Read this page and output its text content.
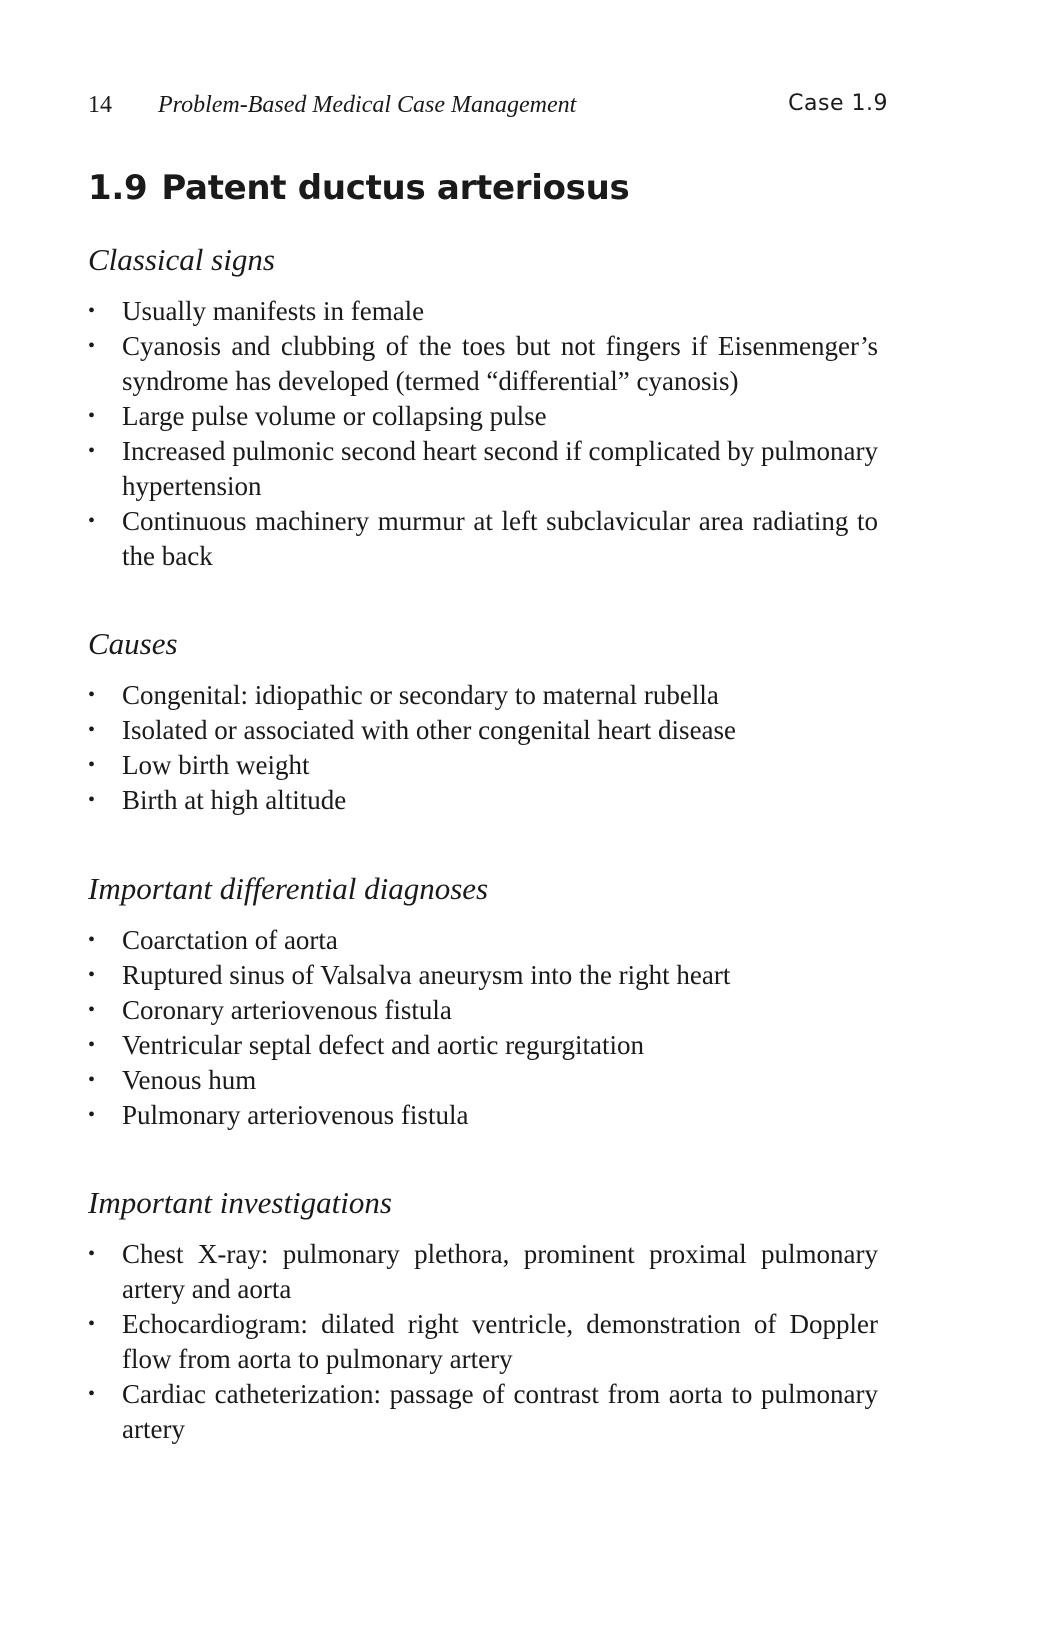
14 Problem-Based Medical Case Management	Case 1.9
1.9 Patent ductus arteriosus
Classical signs
• Usually manifests in female
• Cyanosis and clubbing of the toes but not fingers if Eisenmenger’s syndrome has developed (termed “differential” cyanosis)
• Large pulse volume or collapsing pulse
• Increased pulmonic second heart second if complicated by pulmonary hypertension
• Continuous machinery murmur at left subclavicular area radiating to the back
Causes
• Congenital: idiopathic or secondary to maternal rubella
• Isolated or associated with other congenital heart disease
• Low birth weight
• Birth at high altitude
Important differential diagnoses
• Coarctation of aorta
• Ruptured sinus of Valsalva aneurysm into the right heart
• Coronary arteriovenous fistula
• Ventricular septal defect and aortic regurgitation
• Venous hum
• Pulmonary arteriovenous fistula
Important investigations
• Chest X-ray: pulmonary plethora, prominent proximal pulmonary artery and aorta
• Echocardiogram: dilated right ventricle, demonstration of Doppler flow from aorta to pulmonary artery
• Cardiac catheterization: passage of contrast from aorta to pulmonary artery
